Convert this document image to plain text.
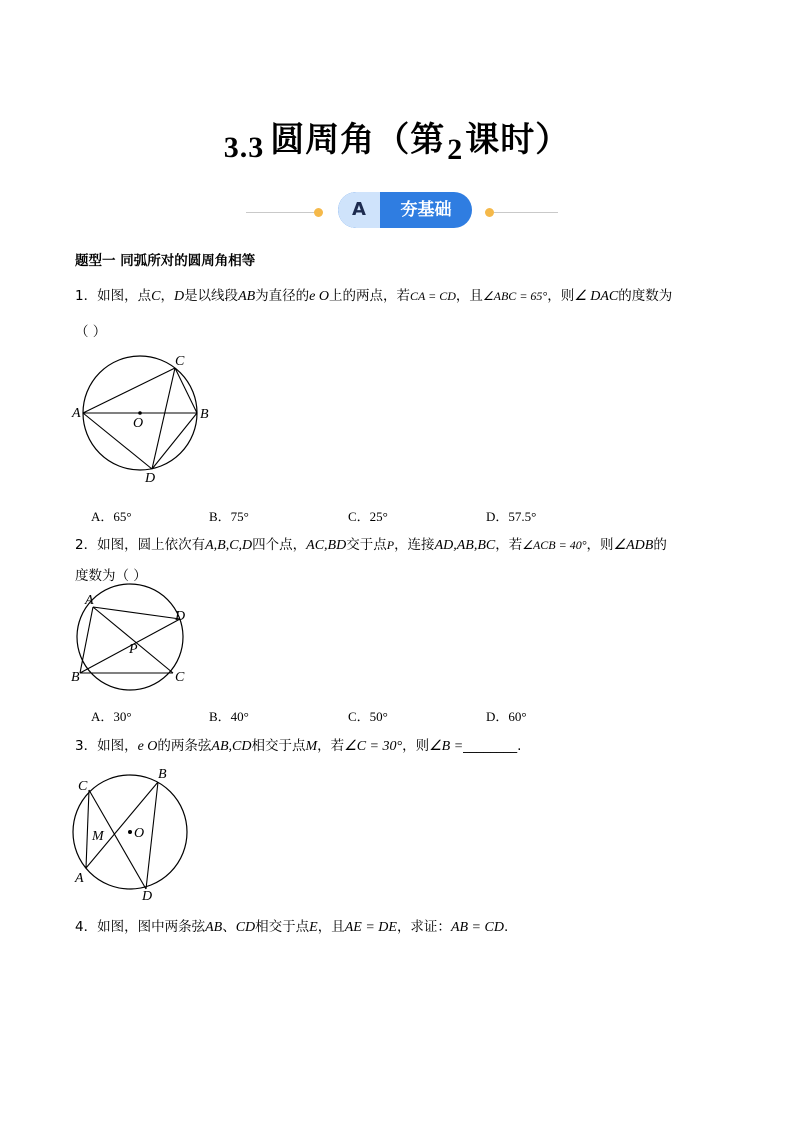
3.3 圆周角（第2课时）
A	夯基础
题型一 同弧所对的圆周角相等
1．如图，点C，D是以线段AB为直径的e O上的两点，若CA = CD，且∠ABC = 65°，则∠ DAC的度数为
（ ）
A	B
C
D
O
A．65°	B．75°	C．25°	D．57.5°
2．如图，圆上依次有A,B,C,D四个点，AC,BD交于点P，连接AD,AB,BC，若∠ACB = 40°，则∠ADB的
度数为（ ）
A
B	C
D
P
A．30°	B．40°	C．50°	D．60°
3．如图，e O的两条弦AB,CD相交于点M，若∠C = 30°，则∠B =________.
C
B
A
D
M O
4．如图，图中两条弦AB、CD相交于点E，且AE = DE，求证：AB = CD.
